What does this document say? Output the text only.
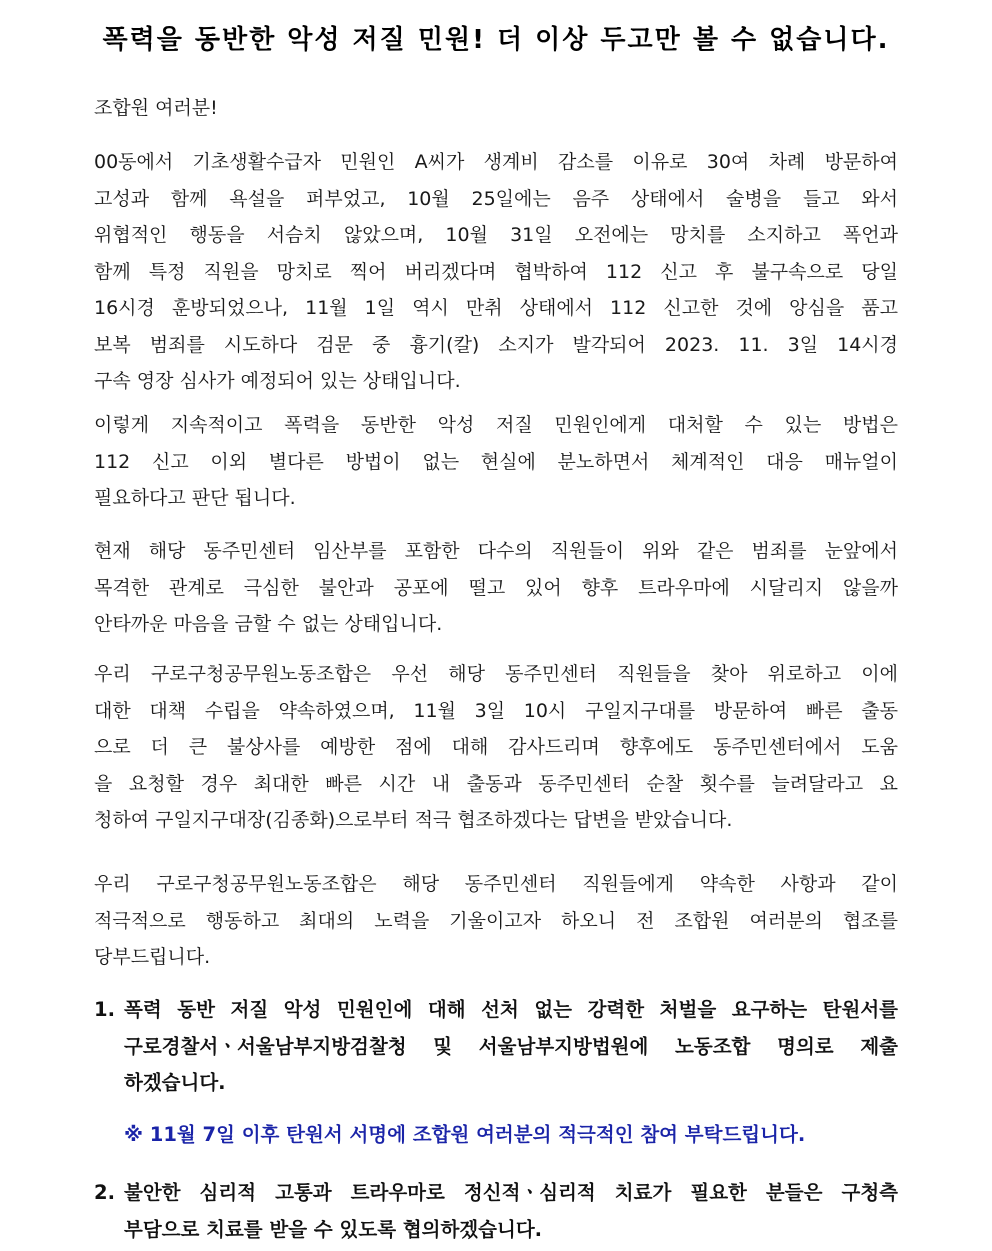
폭력을 동반한 악성 저질 민원! 더 이상 두고만 볼 수 없습니다.

조합원 여러분!

00동에서 기초생활수급자 민원인 A씨가 생계비 감소를 이유로 30여 차례 방문하여
고성과 함께 욕설을 퍼부었고, 10월 25일에는 음주 상태에서 술병을 들고 와서
위협적인 행동을 서슴치 않았으며, 10월 31일 오전에는 망치를 소지하고 폭언과
함께 특정 직원을 망치로 찍어 버리겠다며 협박하여 112 신고 후 불구속으로 당일
16시경 훈방되었으나, 11월 1일 역시 만취 상태에서 112 신고한 것에 앙심을 품고
보복 범죄를 시도하다 검문 중 흉기(칼) 소지가 발각되어 2023. 11. 3일 14시경
구속 영장 심사가 예정되어 있는 상태입니다.
이렇게 지속적이고 폭력을 동반한 악성 저질 민원인에게 대처할 수 있는 방법은
112 신고 이외 별다른 방법이 없는 현실에 분노하면서 체계적인 대응 매뉴얼이
필요하다고 판단 됩니다.
현재 해당 동주민센터 임산부를 포함한 다수의 직원들이 위와 같은 범죄를 눈앞에서
목격한 관계로 극심한 불안과 공포에 떨고 있어 향후 트라우마에 시달리지 않을까
안타까운 마음을 금할 수 없는 상태입니다.
우리 구로구청공무원노동조합은 우선 해당 동주민센터 직원들을 찾아 위로하고 이에
대한 대책 수립을 약속하였으며, 11월 3일 10시 구일지구대를 방문하여 빠른 출동
으로 더 큰 불상사를 예방한 점에 대해 감사드리며 향후에도 동주민센터에서 도움
을 요청할 경우 최대한 빠른 시간 내 출동과 동주민센터 순찰 횟수를 늘려달라고 요
청하여 구일지구대장(김종화)으로부터 적극 협조하겠다는 답변을 받았습니다.
우리 구로구청공무원노동조합은 해당 동주민센터 직원들에게 약속한 사항과 같이
적극적으로 행동하고 최대의 노력을 기울이고자 하오니 전 조합원 여러분의 협조를
당부드립니다.
1. 폭력 동반 저질 악성 민원인에 대해 선처 없는 강력한 처벌을 요구하는 탄원서를
구로경찰서ㆍ서울남부지방검찰청 및 서울남부지방법원에 노동조합 명의로 제출
하겠습니다.
※ 11월 7일 이후 탄원서 서명에 조합원 여러분의 적극적인 참여 부탁드립니다.
2. 불안한 심리적 고통과 트라우마로 정신적ㆍ심리적 치료가 필요한 분들은 구청측
부담으로 치료를 받을 수 있도록 협의하겠습니다.
